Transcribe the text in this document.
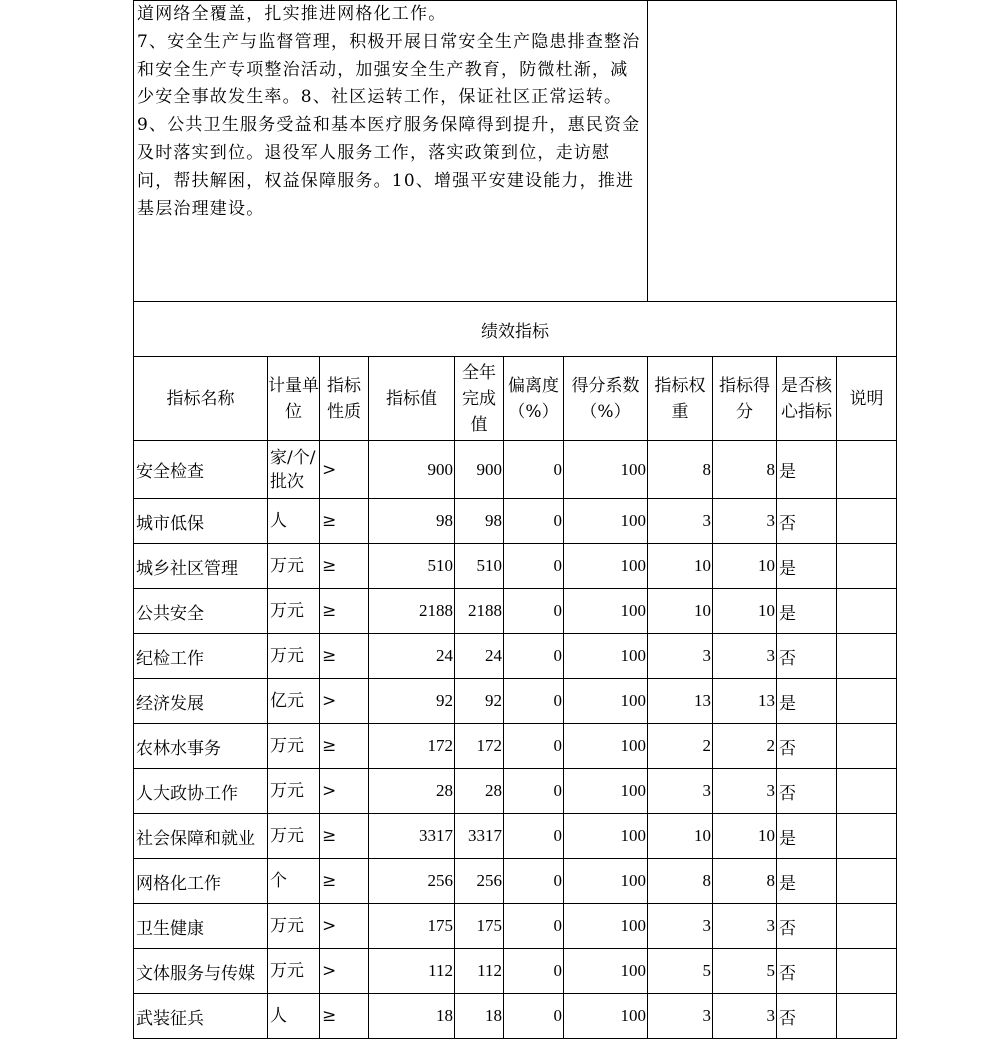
道网络全覆盖，扎实推进网格化工作。
7、安全生产与监督管理，积极开展日常安全生产隐患排查整治和安全生产专项整治活动，加强安全生产教育，防微杜渐，减少安全事故发生率。8、社区运转工作，保证社区正常运转。9、公共卫生服务受益和基本医疗服务保障得到提升，惠民资金及时落实到位。退役军人服务工作，落实政策到位，走访慰问，帮扶解困，权益保障服务。10、增强平安建设能力，推进基层治理建设。										
绩效指标										
指标名称	计量单位	指标性质	指标值	全年完成值	偏离度（%）	得分系数（%）	指标权重	指标得分	是否核心指标	说明
安全检查	家/个/批次	>	900	900	0	100	8	8	是	
城市低保	人	≥	98	98	0	100	3	3	否	
城乡社区管理	万元	≥	510	510	0	100	10	10	是	
公共安全	万元	≥	2188	2188	0	100	10	10	是	
纪检工作	万元	≥	24	24	0	100	3	3	否	
经济发展	亿元	>	92	92	0	100	13	13	是	
农林水事务	万元	≥	172	172	0	100	2	2	否	
人大政协工作	万元	>	28	28	0	100	3	3	否	
社会保障和就业	万元	≥	3317	3317	0	100	10	10	是	
网格化工作	个	≥	256	256	0	100	8	8	是	
卫生健康	万元	>	175	175	0	100	3	3	否	
文体服务与传媒	万元	>	112	112	0	100	5	5	否	
武装征兵	人	≥	18	18	0	100	3	3	否	
